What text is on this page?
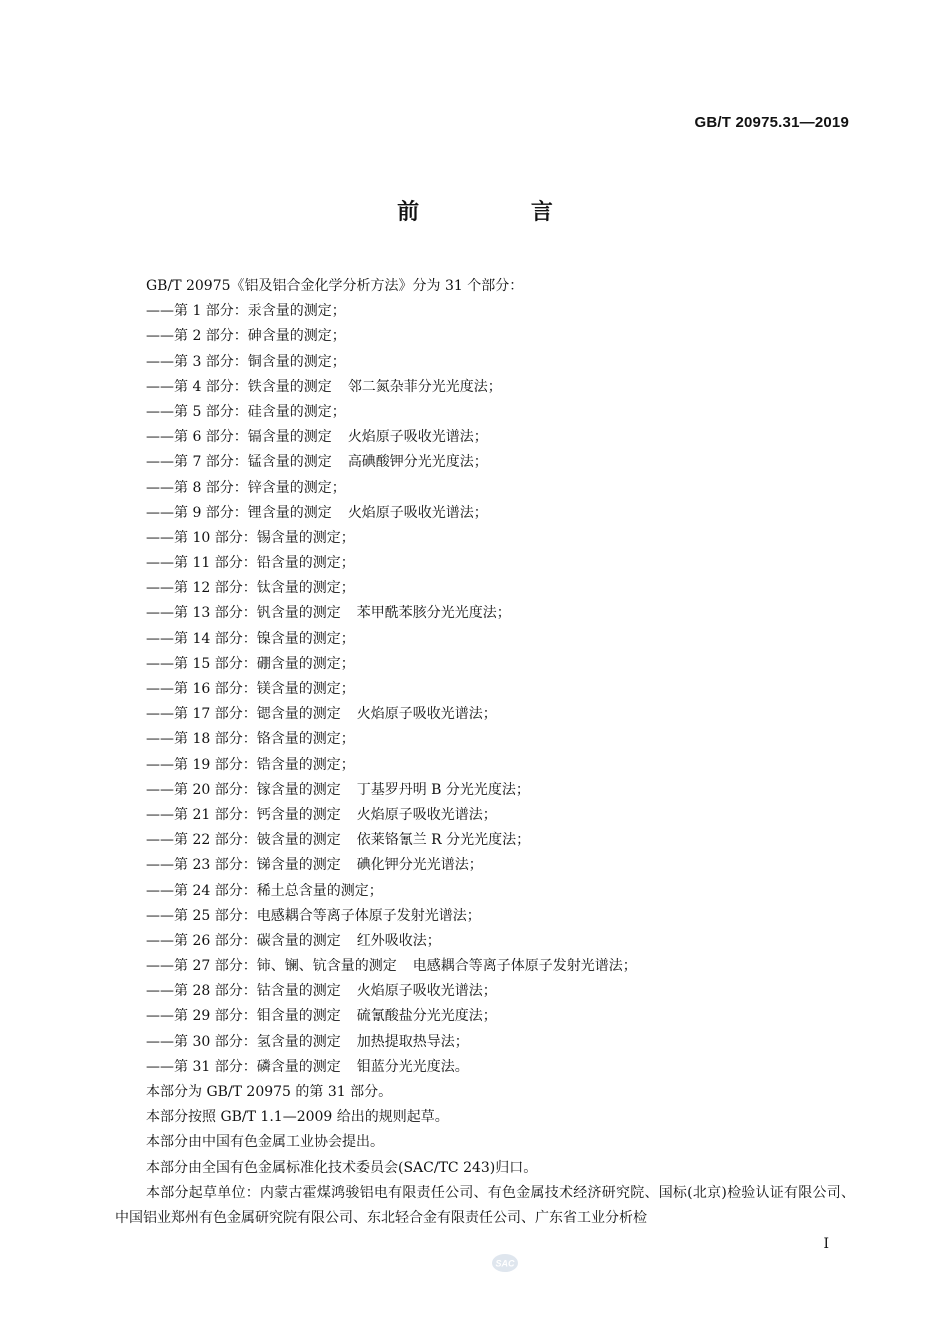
GB/T 20975.31—2019
前 言
GB/T 20975《铝及铝合金化学分析方法》分为 31 个部分：
——第 1 部分：汞含量的测定；
——第 2 部分：砷含量的测定；
——第 3 部分：铜含量的测定；
——第 4 部分：铁含量的测定 邻二氮杂菲分光光度法；
——第 5 部分：硅含量的测定；
——第 6 部分：镉含量的测定 火焰原子吸收光谱法；
——第 7 部分：锰含量的测定 高碘酸钾分光光度法；
——第 8 部分：锌含量的测定；
——第 9 部分：锂含量的测定 火焰原子吸收光谱法；
——第 10 部分：锡含量的测定；
——第 11 部分：铅含量的测定；
——第 12 部分：钛含量的测定；
——第 13 部分：钒含量的测定 苯甲酰苯胲分光光度法；
——第 14 部分：镍含量的测定；
——第 15 部分：硼含量的测定；
——第 16 部分：镁含量的测定；
——第 17 部分：锶含量的测定 火焰原子吸收光谱法；
——第 18 部分：铬含量的测定；
——第 19 部分：锆含量的测定；
——第 20 部分：镓含量的测定 丁基罗丹明 B 分光光度法；
——第 21 部分：钙含量的测定 火焰原子吸收光谱法；
——第 22 部分：铍含量的测定 依莱铬氰兰 R 分光光度法；
——第 23 部分：锑含量的测定 碘化钾分光光谱法；
——第 24 部分：稀土总含量的测定；
——第 25 部分：电感耦合等离子体原子发射光谱法；
——第 26 部分：碳含量的测定 红外吸收法；
——第 27 部分：铈、镧、钪含量的测定 电感耦合等离子体原子发射光谱法；
——第 28 部分：钴含量的测定 火焰原子吸收光谱法；
——第 29 部分：钼含量的测定 硫氰酸盐分光光度法；
——第 30 部分：氢含量的测定 加热提取热导法；
——第 31 部分：磷含量的测定 钼蓝分光光度法。
本部分为 GB/T 20975 的第 31 部分。
本部分按照 GB/T 1.1—2009 给出的规则起草。
本部分由中国有色金属工业协会提出。
本部分由全国有色金属标准化技术委员会(SAC/TC 243)归口。
本部分起草单位：内蒙古霍煤鸿骏铝电有限责任公司、有色金属技术经济研究院、国标(北京)检验认证有限公司、中国铝业郑州有色金属研究院有限公司、东北轻合金有限责任公司、广东省工业分析检
I
SAC
